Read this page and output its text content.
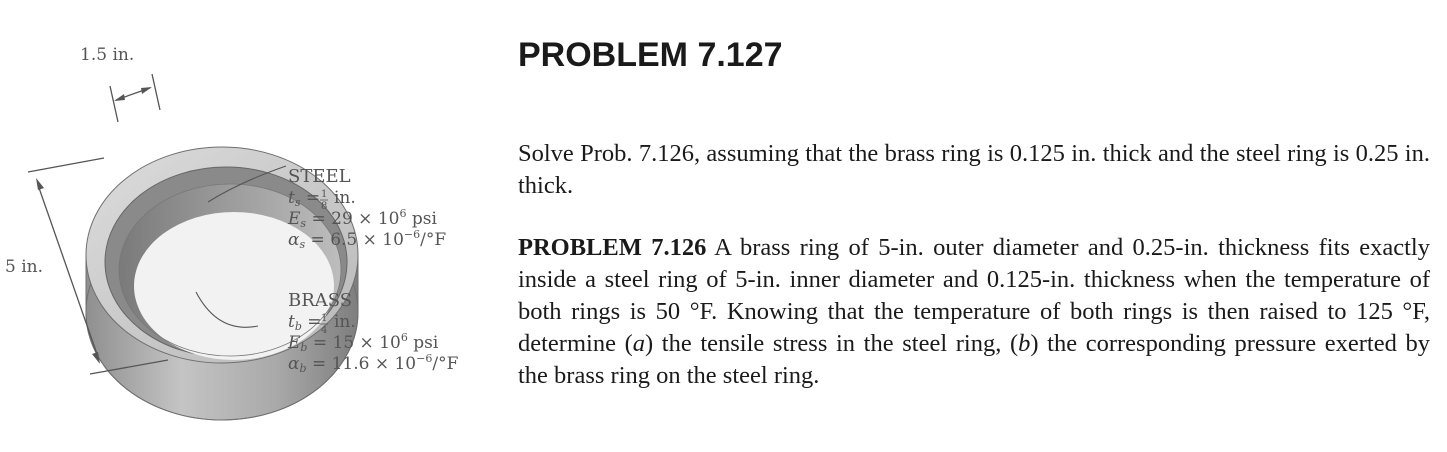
1.5 in.
5 in.
STEEL
ts = 1
8 in.
$Es = 29 \times 10^6$ psi
$\alpha s = 6.5 \times 10^{-6}/^\circ F$
BRASS
tb = 1
4 in.
$Eb = 15 \times 10^6$ psi
$\alpha b = 11.6 \times 10^{-6}/^\circ F$
PROBLEM 7.127

Solve Prob. 7.126, assuming that the brass ring is 0.125 in. thick and the steel ring is 0.25 in. thick.

PROBLEM 7.126 A brass ring of 5-in. outer diameter and 0.25-in. thickness fits exactly inside a steel ring of 5-in. inner diameter and 0.125-in. thickness when the temperature of both rings is 50 °F. Knowing that the temperature of both rings is then raised to 125 °F, determine (a) the tensile stress in the steel ring, (b) the corresponding pressure exerted by the brass ring on the steel ring.
